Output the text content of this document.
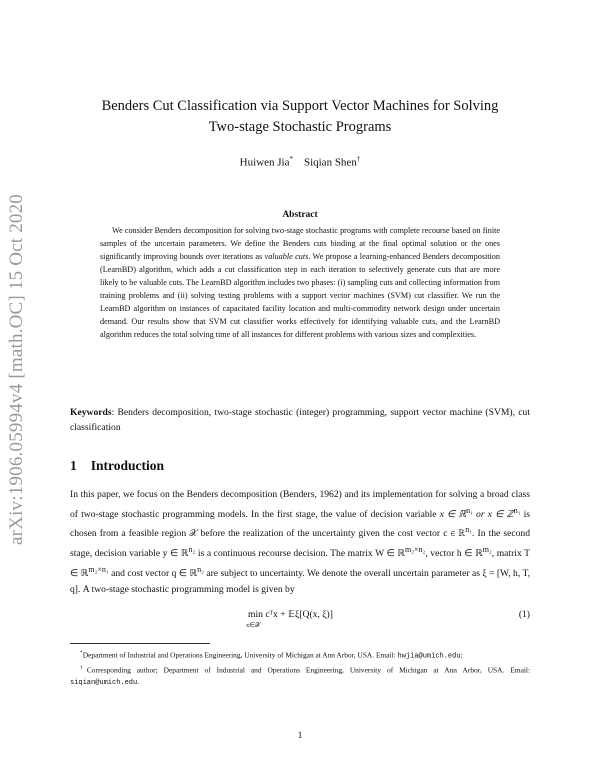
arXiv:1906.05994v4 [math.OC] 15 Oct 2020
Benders Cut Classification via Support Vector Machines for Solving
Two-stage Stochastic Programs
Huiwen Jia* Siqian Shen†
Abstract
We consider Benders decomposition for solving two-stage stochastic programs with complete recourse based on finite samples of the uncertain parameters. We define the Benders cuts binding at the final optimal solution or the ones significantly improving bounds over iterations as valuable cuts. We propose a learning-enhanced Benders decomposition (LearnBD) algorithm, which adds a cut classification step in each iteration to selectively generate cuts that are more likely to be valuable cuts. The LearnBD algorithm includes two phases: (i) sampling cuts and collecting information from training problems and (ii) solving testing problems with a support vector machines (SVM) cut classifier. We run the LearnBD algorithm on instances of capacitated facility location and multi-commodity network design under uncertain demand. Our results show that SVM cut classifier works effectively for identifying valuable cuts, and the LearnBD algorithm reduces the total solving time of all instances for different problems with various sizes and complexities.
Keywords: Benders decomposition, two-stage stochastic (integer) programming, support vector machine (SVM), cut classification
1 Introduction
In this paper, we focus on the Benders decomposition (Benders, 1962) and its implementation for solving a broad class of two-stage stochastic programming models. In the first stage, the value of decision variable x ∈ ℝ$^{n_1}$ or x ∈ ℤ$^{n_1}$ is chosen from a feasible region 𝒳 before the realization of the uncertainty given the cost vector c ∈ ℝ$^{n_1}$. In the second stage, decision variable y ∈ ℝ$^{n_2}$ is a continuous recourse decision. The matrix W ∈ ℝ$^{m_2\times n_2}$, vector h ∈ ℝ$^{m_2}$, matrix T ∈ ℝ$^{m_2\times n_1}$ and cost vector q ∈ ℝ$^{n_2}$ are subject to uncertainty. We denote the overall uncertain parameter as ξ = [W, h, T, q]. A two-stage stochastic programming model is given by
min cᵀx + 𝔼ξ[Q(x, ξ)]
x∈𝒳
(1)

*Department of Industrial and Operations Engineering, University of Michigan at Ann Arbor, USA. Email: hwjia@umich.edu;

†Corresponding author; Department of Industrial and Operations Engineering, University of Michigan at Ann Arbor, USA. Email: siqian@umich.edu.

1
